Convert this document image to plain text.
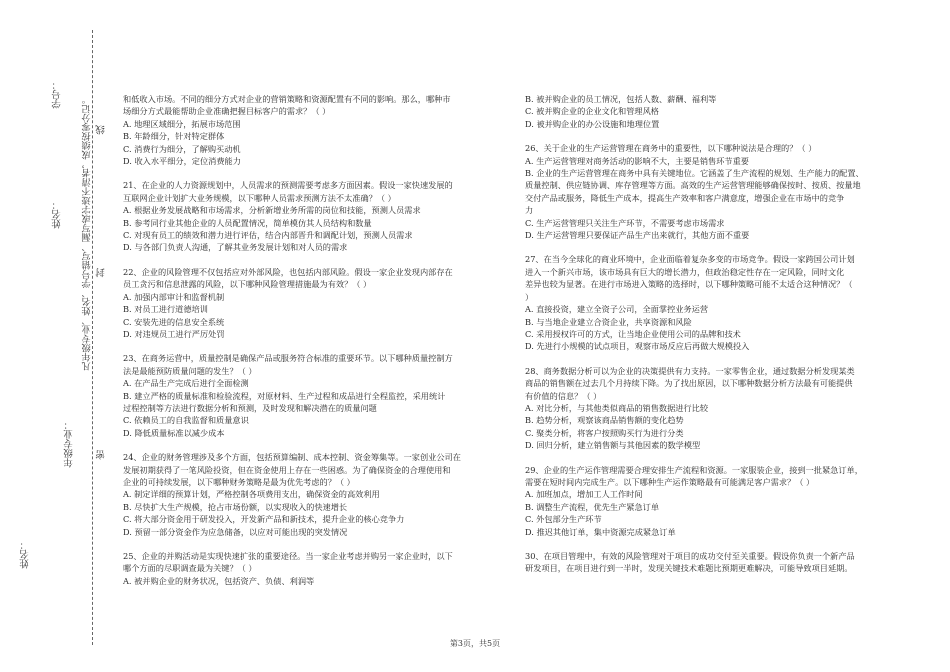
学号：
姓名：
年级专业：
姓名：
凡年级专业、姓名、学号错写、漏写或字迹不清者，成绩按零分记。 线
封
密

和低收入市场。不同的细分方式对企业的营销策略和资源配置有不同的影响。那么，哪种市

场细分方式最能帮助企业准确把握目标客户的需求？（ ）

A. 地理区域细分，拓展市场范围

B. 年龄细分，针对特定群体

C. 消费行为细分，了解购买动机

D. 收入水平细分，定位消费能力

21、在企业的人力资源规划中，人员需求的预测需要考虑多方面因素。假设一家快速发展的

互联网企业计划扩大业务规模，以下哪种人员需求预测方法不太准确？（ ）

A. 根据业务发展战略和市场需求，分析新增业务所需的岗位和技能，预测人员需求

B. 参考同行业其他企业的人员配置情况，简单模仿其人员结构和数量

C. 对现有员工的绩效和潜力进行评估，结合内部晋升和调配计划，预测人员需求

D. 与各部门负责人沟通，了解其业务发展计划和对人员的需求

22、企业的风险管理不仅包括应对外部风险，也包括内部风险。假设一家企业发现内部存在

员工贪污和信息泄露的风险，以下哪种风险管理措施最为有效？（ ）

A. 加强内部审计和监督机制

B. 对员工进行道德培训

C. 安装先进的信息安全系统

D. 对违规员工进行严厉处罚

23、在商务运营中，质量控制是确保产品或服务符合标准的重要环节。以下哪种质量控制方

法是最能预防质量问题的发生？（ ）

A. 在产品生产完成后进行全面检测

B. 建立严格的质量标准和检验流程，对原材料、生产过程和成品进行全程监控，采用统计

过程控制等方法进行数据分析和预测，及时发现和解决潜在的质量问题

C. 依赖员工的自我监督和质量意识

D. 降低质量标准以减少成本

24、企业的财务管理涉及多个方面，包括预算编制、成本控制、资金筹集等。一家创业公司在

发展初期获得了一笔风险投资，但在资金使用上存在一些困惑。为了确保资金的合理使用和

企业的可持续发展，以下哪种财务策略是最为优先考虑的？（ ）

A. 制定详细的预算计划，严格控制各项费用支出，确保资金的高效利用

B. 尽快扩大生产规模，抢占市场份额，以实现收入的快速增长

C. 将大部分资金用于研发投入，开发新产品和新技术，提升企业的核心竞争力

D. 预留一部分资金作为应急储备，以应对可能出现的突发情况

25、企业的并购活动是实现快速扩张的重要途径。当一家企业考虑并购另一家企业时，以下

哪个方面的尽职调查最为关键？（ ）

A. 被并购企业的财务状况，包括资产、负债、利润等

B. 被并购企业的员工情况，包括人数、薪酬、福利等

C. 被并购企业的企业文化和管理风格

D. 被并购企业的办公设施和地理位置

26、关于企业的生产运营管理在商务中的重要性，以下哪种说法是合理的？（ ）

A. 生产运营管理对商务活动的影响不大，主要是销售环节重要

B. 企业的生产运营管理在商务中具有关键地位。它涵盖了生产流程的规划、生产能力的配置、

质量控制、供应链协调、库存管理等方面。高效的生产运营管理能够确保按时、按质、按量地

交付产品或服务，降低生产成本，提高生产效率和客户满意度，增强企业在市场中的竞争

力

C. 生产运营管理只关注生产环节，不需要考虑市场需求

D. 生产运营管理只要保证产品生产出来就行，其他方面不重要

27、在当今全球化的商业环境中，企业面临着复杂多变的市场竞争。假设一家跨国公司计划

进入一个新兴市场，该市场具有巨大的增长潜力，但政治稳定性存在一定风险，同时文化

差异也较为显著。在进行市场进入策略的选择时，以下哪种策略可能不太适合这种情况？（

）

A. 直接投资，建立全资子公司，全面掌控业务运营

B. 与当地企业建立合资企业，共享资源和风险

C. 采用授权许可的方式，让当地企业使用公司的品牌和技术

D. 先进行小规模的试点项目，观察市场反应后再做大规模投入

28、商务数据分析可以为企业的决策提供有力支持。一家零售企业，通过数据分析发现某类

商品的销售额在过去几个月持续下降。为了找出原因，以下哪种数据分析方法最有可能提供

有价值的信息？（ ）

A. 对比分析，与其他类似商品的销售数据进行比较

B. 趋势分析，观察该商品销售额的变化趋势

C. 聚类分析，将客户按照购买行为进行分类

D. 回归分析，建立销售额与其他因素的数学模型

29、企业的生产运作管理需要合理安排生产流程和资源。一家服装企业，接到一批紧急订单，

需要在短时间内完成生产。以下哪种生产运作策略最有可能满足客户需求？（ ）

A. 加班加点，增加工人工作时间

B. 调整生产流程，优先生产紧急订单

C. 外包部分生产环节

D. 推迟其他订单，集中资源完成紧急订单

30、在项目管理中，有效的风险管理对于项目的成功交付至关重要。假设你负责一个新产品

研发项目，在项目进行到一半时，发现关键技术难题比预期更难解决，可能导致项目延期。

第3页，共5页
